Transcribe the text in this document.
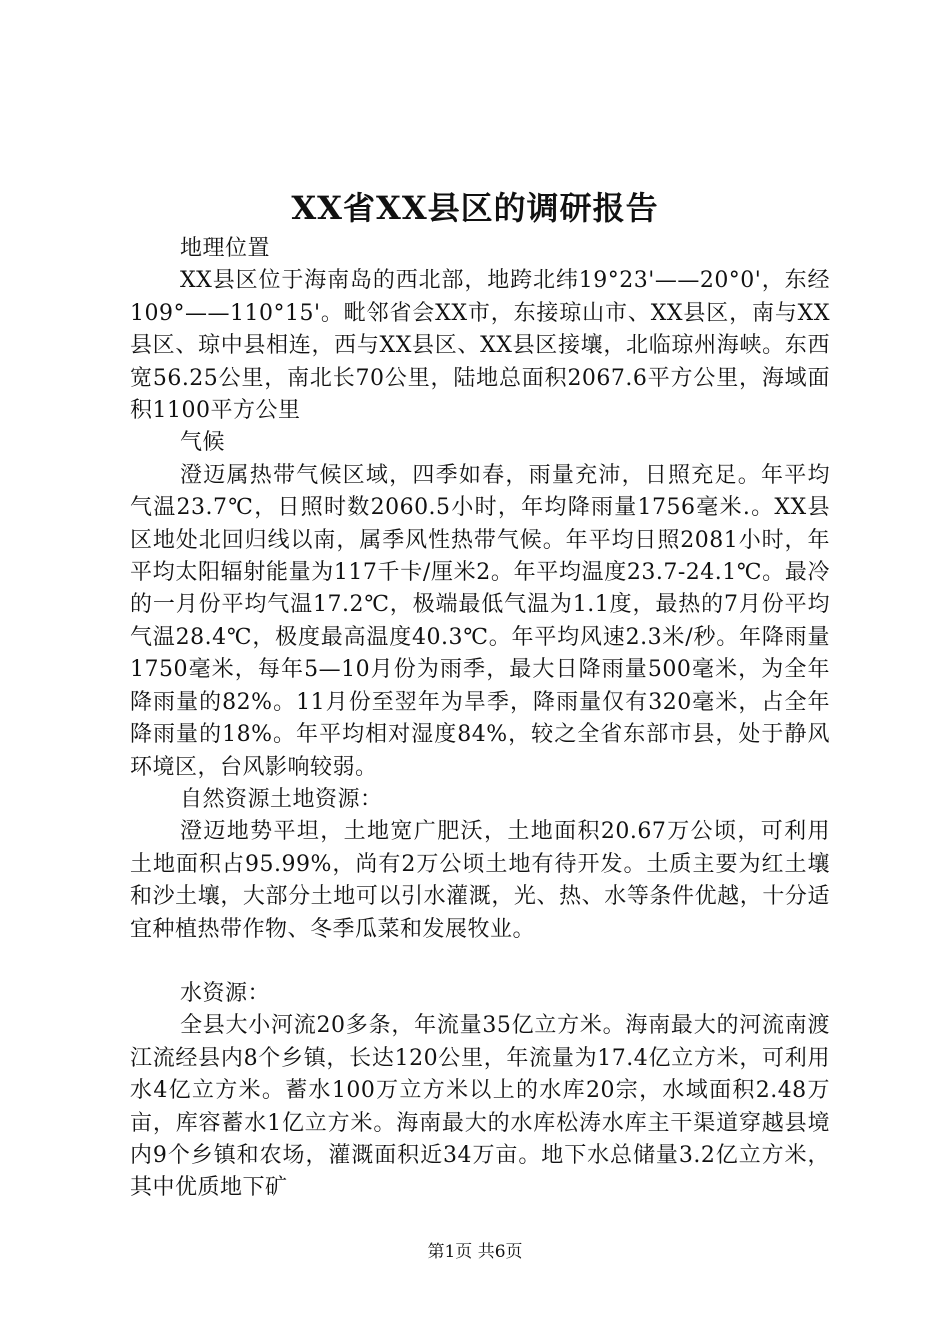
XX省XX县区的调研报告
地理位置

XX县区位于海南岛的西北部，地跨北纬19°23'——20°0'，东经109°——110°15'。毗邻省会XX市，东接琼山市、XX县区，南与XX县区、琼中县相连，西与XX县区、XX县区接壤，北临琼州海峡。东西宽56.25公里，南北长70公里，陆地总面积2067.6平方公里，海域面积1100平方公里

气候

澄迈属热带气候区域，四季如春，雨量充沛，日照充足。年平均气温23.7℃，日照时数2060.5小时，年均降雨量1756毫米.。XX县区地处北回归线以南，属季风性热带气候。年平均日照2081小时，年平均太阳辐射能量为117千卡/厘米2。年平均温度23.7-24.1℃。最冷的一月份平均气温17.2℃，极端最低气温为1.1度，最热的7月份平均气温28.4℃，极度最高温度40.3℃。年平均风速2.3米/秒。年降雨量1750毫米，每年5—10月份为雨季，最大日降雨量500毫米，为全年降雨量的82%。11月份至翌年为旱季，降雨量仅有320毫米，占全年降雨量的18%。年平均相对湿度84%，较之全省东部市县，处于静风环境区，台风影响较弱。

自然资源土地资源：

澄迈地势平坦，土地宽广肥沃，土地面积20.67万公顷，可利用土地面积占95.99%，尚有2万公顷土地有待开发。土质主要为红土壤和沙土壤，大部分土地可以引水灌溉，光、热、水等条件优越，十分适宜种植热带作物、冬季瓜菜和发展牧业。

水资源：

全县大小河流20多条，年流量35亿立方米。海南最大的河流南渡江流经县内8个乡镇，长达120公里，年流量为17.4亿立方米，可利用水4亿立方米。蓄水100万立方米以上的水库20宗，水域面积2.48万亩，库容蓄水1亿立方米。海南最大的水库松涛水库主干渠道穿越县境内9个乡镇和农场，灌溉面积近34万亩。地下水总储量3.2亿立方米，其中优质地下矿

第1页 共6页
